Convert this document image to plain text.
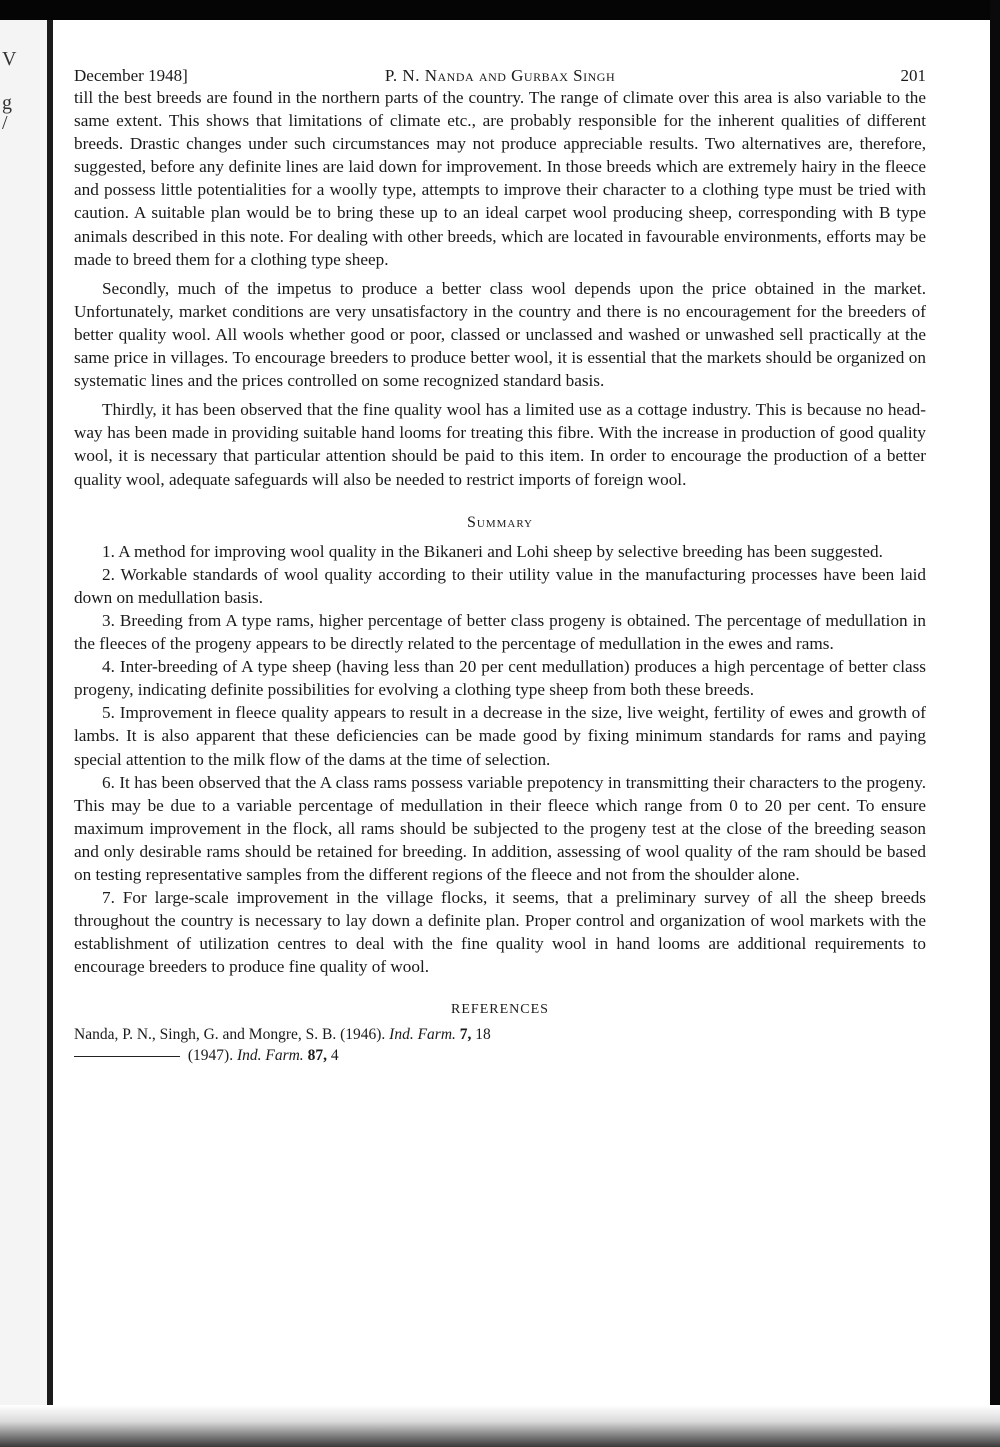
V
g
/
December 1948]	P. N. Nanda and Gurbax Singh	201

till the best breeds are found in the northern parts of the country. The range of climate over this area is also variable to the same extent. This shows that limitations of climate etc., are probably responsible for the inherent qualities of different breeds. Drastic changes under such circumstances may not produce appreciable results. Two alternatives are, therefore, suggested, before any definite lines are laid down for improvement. In those breeds which are extremely hairy in the fleece and possess little potentialities for a woolly type, attempts to improve their character to a clothing type must be tried with caution. A suitable plan would be to bring these up to an ideal carpet wool producing sheep, corresponding with B type animals described in this note. For dealing with other breeds, which are located in favourable environments, efforts may be made to breed them for a clothing type sheep.

Secondly, much of the impetus to produce a better class wool depends upon the price obtained in the market. Unfortunately, market conditions are very unsatisfactory in the country and there is no encouragement for the breeders of better quality wool. All wools whether good or poor, classed or unclassed and washed or unwashed sell practically at the same price in villages. To encourage breeders to produce better wool, it is essential that the markets should be organized on systematic lines and the prices controlled on some recognized standard basis.

Thirdly, it has been observed that the fine quality wool has a limited use as a cottage industry. This is because no head-way has been made in providing suitable hand looms for treating this fibre. With the increase in production of good quality wool, it is necessary that particular attention should be paid to this item. In order to encourage the production of a better quality wool, adequate safeguards will also be needed to restrict imports of foreign wool.

Summary

1. A method for improving wool quality in the Bikaneri and Lohi sheep by selective breeding has been suggested.

2. Workable standards of wool quality according to their utility value in the manufacturing processes have been laid down on medullation basis.

3. Breeding from A type rams, higher percentage of better class progeny is obtained. The percentage of medullation in the fleeces of the progeny appears to be directly related to the percentage of medullation in the ewes and rams.

4. Inter-breeding of A type sheep (having less than 20 per cent medullation) produces a high percentage of better class progeny, indicating definite possibilities for evolving a clothing type sheep from both these breeds.

5. Improvement in fleece quality appears to result in a decrease in the size, live weight, fertility of ewes and growth of lambs. It is also apparent that these deficiencies can be made good by fixing minimum standards for rams and paying special attention to the milk flow of the dams at the time of selection.

6. It has been observed that the A class rams possess variable prepotency in transmitting their characters to the progeny. This may be due to a variable percentage of medullation in their fleece which range from 0 to 20 per cent. To ensure maximum improvement in the flock, all rams should be subjected to the progeny test at the close of the breeding season and only desirable rams should be retained for breeding. In addition, assessing of wool quality of the ram should be based on testing representative samples from the different regions of the fleece and not from the shoulder alone.

7. For large-scale improvement in the village flocks, it seems, that a preliminary survey of all the sheep breeds throughout the country is necessary to lay down a definite plan. Proper control and organization of wool markets with the establishment of utilization centres to deal with the fine quality wool in hand looms are additional requirements to encourage breeders to produce fine quality of wool.

REFERENCES
Nanda, P. N., Singh, G. and Mongre, S. B. (1946). Ind. Farm. 7, 18
(1947). Ind. Farm. 87, 4
